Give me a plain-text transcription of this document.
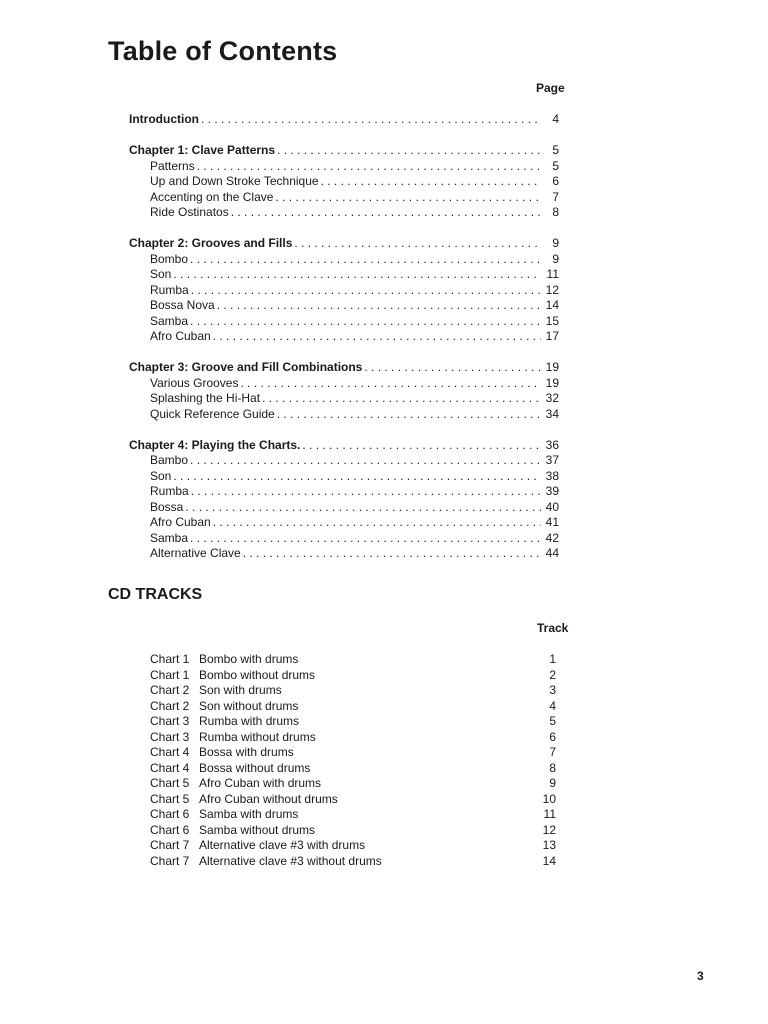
Table of Contents
Page
Introduction . . .	4
Chapter 1: Clave Patterns . . .	5
Patterns . . .	5
Up and Down Stroke Technique . . .	6
Accenting on the Clave . . .	7
Ride Ostinatos . . .	8
Chapter 2: Grooves and Fills . . .	9
Bombo . . .	9
Son . . .	11
Rumba . . .	12
Bossa Nova . . .	14
Samba . . .	15
Afro Cuban . . .	17
Chapter 3: Groove and Fill Combinations . . .	19
Various Grooves . . .	19
Splashing the Hi-Hat . . .	32
Quick Reference Guide . . .	34
Chapter 4: Playing the Charts. . . .	36
Bambo . . .	37
Son . . .	38
Rumba . . .	39
Bossa . . .	40
Afro Cuban . . .	41
Samba . . .	42
Alternative Clave . . .	44
CD TRACKS
Track
Chart 1 Bombo with drums	1
Chart 1 Bombo without drums	2
Chart 2 Son with drums	3
Chart 2 Son without drums	4
Chart 3 Rumba with drums	5
Chart 3 Rumba without drums	6
Chart 4 Bossa with drums	7
Chart 4 Bossa without drums	8
Chart 5 Afro Cuban with drums	9
Chart 5 Afro Cuban without drums	10
Chart 6 Samba with drums	11
Chart 6 Samba without drums	12
Chart 7 Alternative clave #3 with drums	13
Chart 7 Alternative clave #3 without drums	14
3
